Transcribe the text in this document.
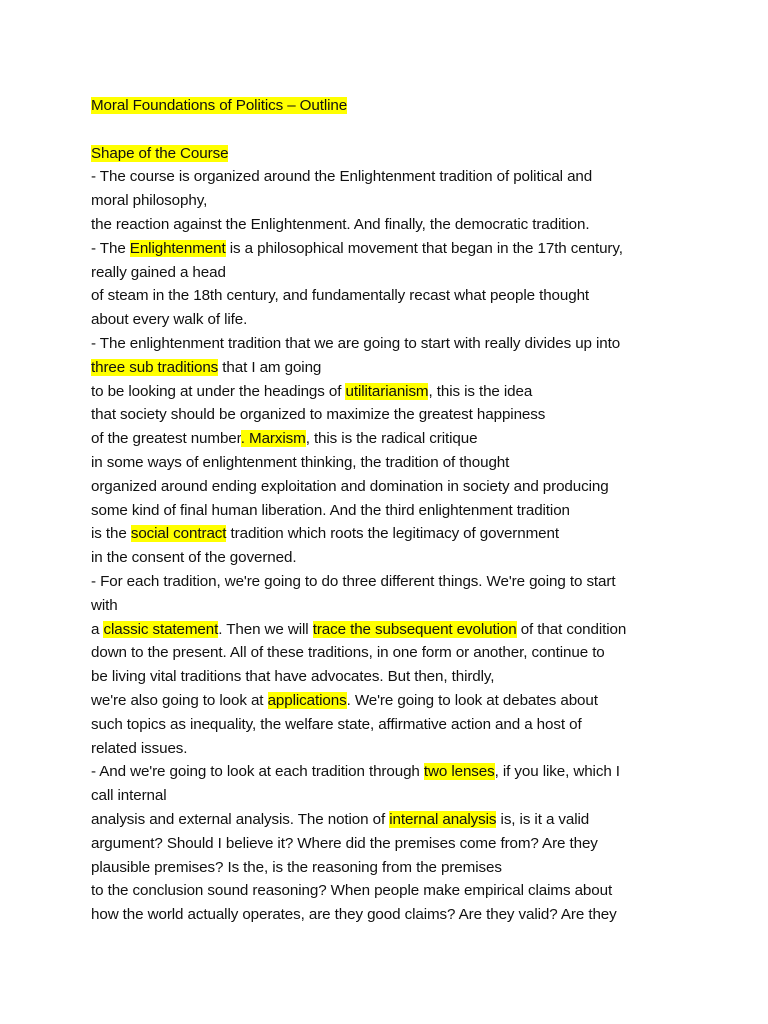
Moral Foundations of Politics – Outline
Shape of the Course
- The course is organized around the Enlightenment tradition of political and
moral philosophy,
the reaction against the Enlightenment. And finally, the democratic tradition.
- The Enlightenment is a philosophical movement that began in the 17th century,
really gained a head
of steam in the 18th century, and fundamentally recast what people thought
about every walk of life.
- The enlightenment tradition that we are going to start with really divides up into
three sub traditions that I am going
to be looking at under the headings of utilitarianism, this is the idea
that society should be organized to maximize the greatest happiness
of the greatest number. Marxism, this is the radical critique
in some ways of enlightenment thinking, the tradition of thought
organized around ending exploitation and domination in society and producing
some kind of final human liberation. And the third enlightenment tradition
is the social contract tradition which roots the legitimacy of government
in the consent of the governed.
- For each tradition, we're going to do three different things. We're going to start
with
a classic statement. Then we will trace the subsequent evolution of that condition
down to the present. All of these traditions, in one form or another, continue to
be living vital traditions that have advocates. But then, thirdly,
we're also going to look at applications. We're going to look at debates about
such topics as inequality, the welfare state, affirmative action and a host of
related issues.
- And we're going to look at each tradition through two lenses, if you like, which I
call internal
analysis and external analysis. The notion of internal analysis is, is it a valid
argument? Should I believe it? Where did the premises come from? Are they
plausible premises? Is the, is the reasoning from the premises
to the conclusion sound reasoning? When people make empirical claims about
how the world actually operates, are they good claims? Are they valid? Are they
